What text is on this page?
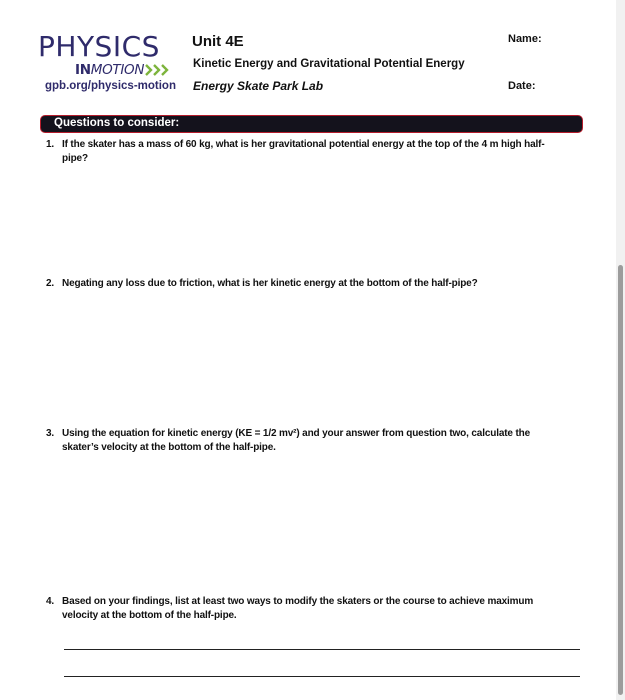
PHYSICS
INMOTION
gpb.org/physics-motion
Unit 4E
Kinetic Energy and Gravitational Potential Energy
Energy Skate Park Lab
Name:
Date:
Questions to consider:
1. If the skater has a mass of 60 kg, what is her gravitational potential energy at the top of the 4 m high half-pipe?
2. Negating any loss due to friction, what is her kinetic energy at the bottom of the half-pipe?
3. Using the equation for kinetic energy (KE = 1/2 mv²) and your answer from question two, calculate the skater’s velocity at the bottom of the half-pipe.
4. Based on your findings, list at least two ways to modify the skaters or the course to achieve maximum velocity at the bottom of the half-pipe.
